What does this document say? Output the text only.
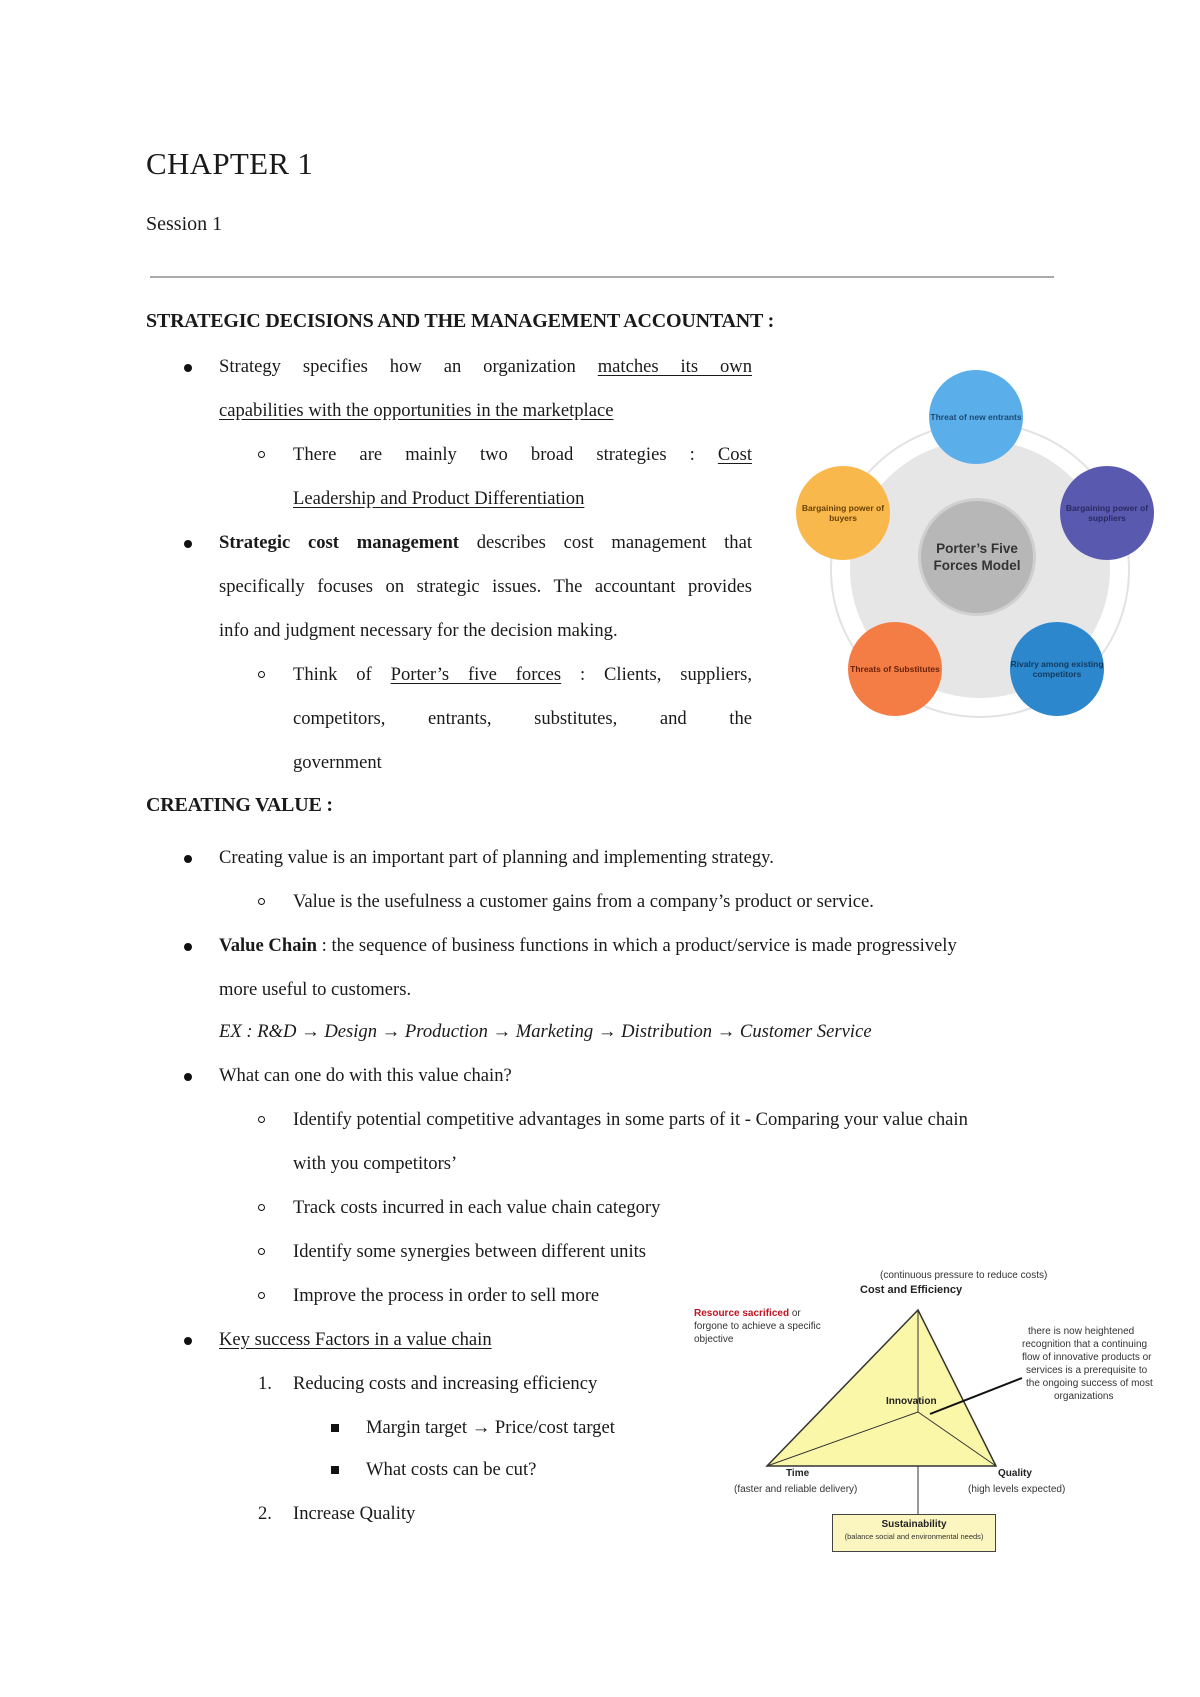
CHAPTER 1
Session 1
STRATEGIC DECISIONS AND THE MANAGEMENT ACCOUNTANT :
Strategy specifies how an organization matches its own
capabilities with the opportunities in the marketplace
There are mainly two broad strategies : Cost
Leadership and Product Differentiation
Strategic cost management describes cost management that
specifically focuses on strategic issues. The accountant provides
info and judgment necessary for the decision making.
Think of Porter’s five forces : Clients, suppliers,
competitors, entrants, substitutes, and the
government
Porter’s Five Forces Model
Threat of new entrants
Bargaining power of suppliers
Rivalry among existing competitors
Threats of Substitutes
Bargaining power of buyers
CREATING VALUE :
Creating value is an important part of planning and implementing strategy.
Value is the usefulness a customer gains from a company’s product or service.
Value Chain : the sequence of business functions in which a product/service is made progressively
more useful to customers.
EX : R&D → Design → Production → Marketing → Distribution → Customer Service
What can one do with this value chain?
Identify potential competitive advantages in some parts of it - Comparing your value chain
with you competitors’
Track costs incurred in each value chain category
Identify some synergies between different units
Improve the process in order to sell more
Key success Factors in a value chain
1. Reducing costs and increasing efficiency
Margin target → Price/cost target
What costs can be cut?
2. Increase Quality
(continuous pressure to reduce costs)
Cost and Efficiency
Resource sacrificed or
forgone to achieve a specific
objective
Innovation
there is now heightened
recognition that a continuing
flow of innovative products or
services is a prerequisite to
the ongoing success of most
organizations
Time
(faster and reliable delivery)
Quality
(high levels expected)
Sustainability
(balance social and environmental needs)
